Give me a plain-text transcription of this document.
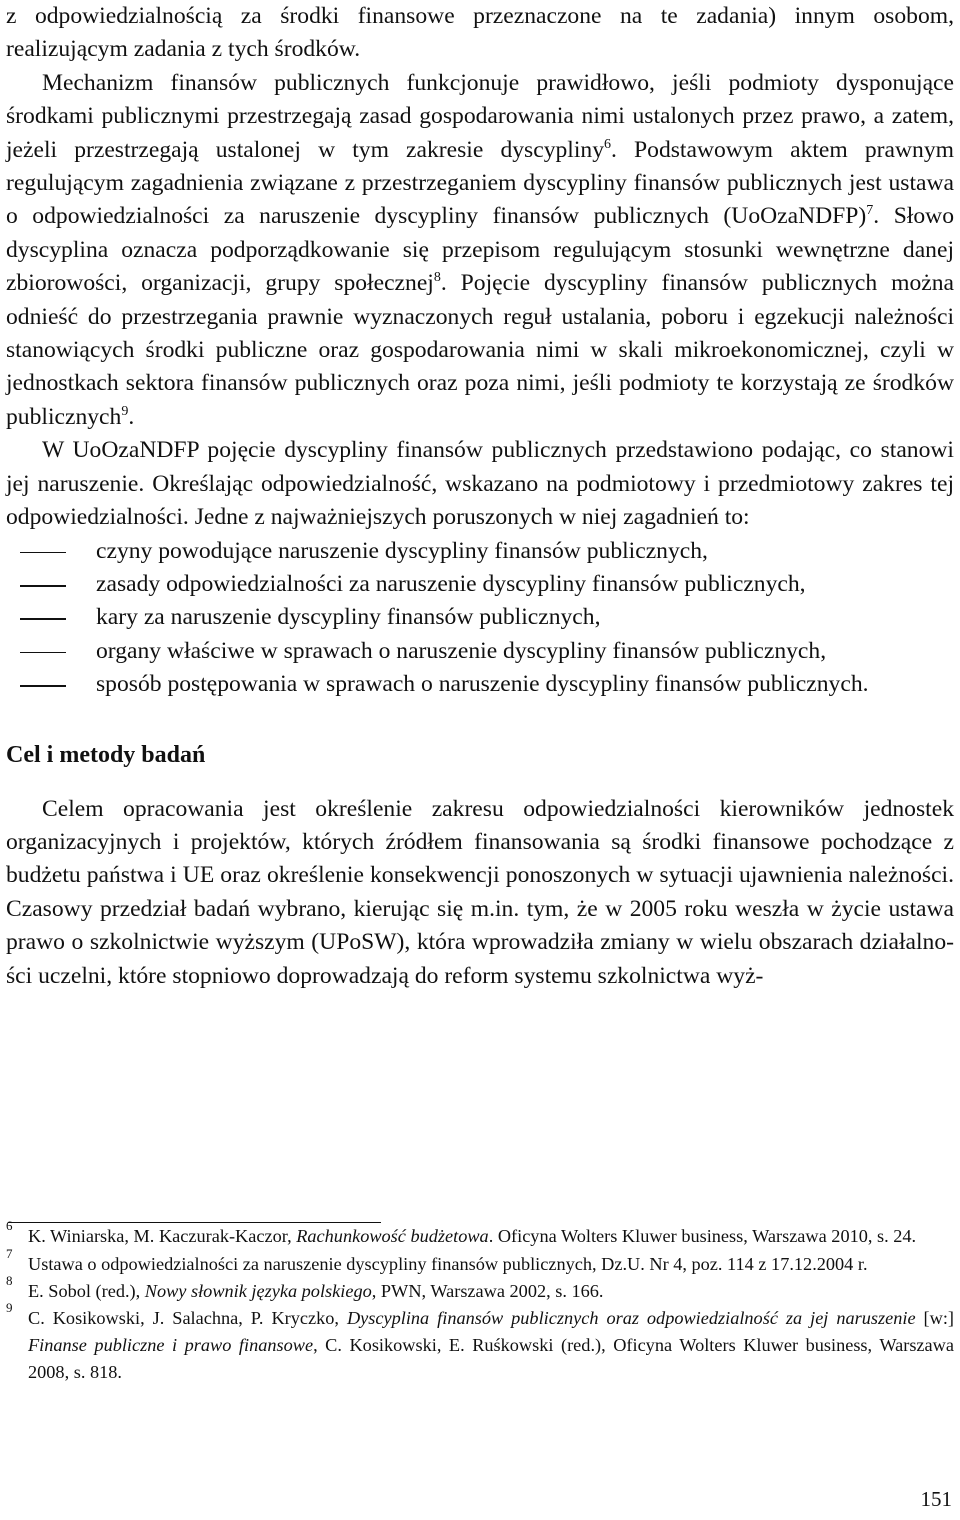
z odpowiedzialnością za środki finansowe przeznaczone na te zadania) innym osobom, realizującym zadania z tych środków.

Mechanizm finansów publicznych funkcjonuje prawidłowo, jeśli podmioty dysponujące środkami publicznymi przestrzegają zasad gospodarowania nimi ustalonych przez prawo, a zatem, jeżeli przestrzegają ustalonej w tym zakresie dyscypliny$^6$. Podstawowym aktem prawnym regulującym zagadnienia związane z przestrzeganiem dyscypliny finansów publicznych jest ustawa o odpowiedzialności za naruszenie dyscypliny finansów publicznych (UoOzaNDFP)$^7$. Słowo dyscyplina oznacza podporządkowanie się przepisom regulującym stosunki wewnętrzne danej zbiorowości, organizacji, grupy społecznej$^8$. Pojęcie dyscypliny finansów publicznych można odnieść do przestrzegania prawnie wyznaczonych reguł ustalania, poboru i egzekucji należności stanowiących środki publiczne oraz gospodarowania nimi w skali mikroekonomicznej, czyli w jednostkach sektora finansów publicznych oraz poza nimi, jeśli podmioty te korzystają ze środków publicznych$^9$.

W UoOzaNDFP pojęcie dyscypliny finansów publicznych przedstawiono podając, co stanowi jej naruszenie. Określając odpowiedzialność, wskazano na podmiotowy i przedmiotowy zakres tej odpowiedzialności. Jedne z najważniejszych poruszonych w niej zagadnień to:

czyny powodujące naruszenie dyscypliny finansów publicznych,
zasady odpowiedzialności za naruszenie dyscypliny finansów publicznych,
kary za naruszenie dyscypliny finansów publicznych,
organy właściwe w sprawach o naruszenie dyscypliny finansów publicznych,
sposób postępowania w sprawach o naruszenie dyscypliny finansów publicznych.
Cel i metody badań

Celem opracowania jest określenie zakresu odpowiedzialności kierowników jednostek organizacyjnych i projektów, których źródłem finansowania są środki finansowe pochodzące z budżetu państwa i UE oraz określenie konsekwencji ponoszonych w sytuacji ujawnienia należności. Czasowy przedział badań wybrano, kierując się m.in. tym, że w 2005 roku weszła w życie ustawa prawo o szkolnictwie wyższym (UPoSW), która wprowadziła zmiany w wielu obszarach działalności uczelni, które stopniowo doprowadzają do reform systemu szkolnictwa wyż-

6
K. Winiarska, M. Kaczurak-Kaczor, Rachunkowość budżetowa. Oficyna Wolters Kluwer business, Warszawa 2010, s. 24.
7
Ustawa o odpowiedzialności za naruszenie dyscypliny finansów publicznych, Dz.U. Nr 4, poz. 114 z 17.12.2004 r.
8
E. Sobol (red.), Nowy słownik języka polskiego, PWN, Warszawa 2002, s. 166.
9
C. Kosikowski, J. Salachna, P. Kryczko, Dyscyplina finansów publicznych oraz odpowiedzialność za jej naruszenie [w:] Finanse publiczne i prawo finansowe, C. Kosikowski, E. Ruśkowski (red.), Oficyna Wolters Kluwer business, Warszawa 2008, s. 818.
151
